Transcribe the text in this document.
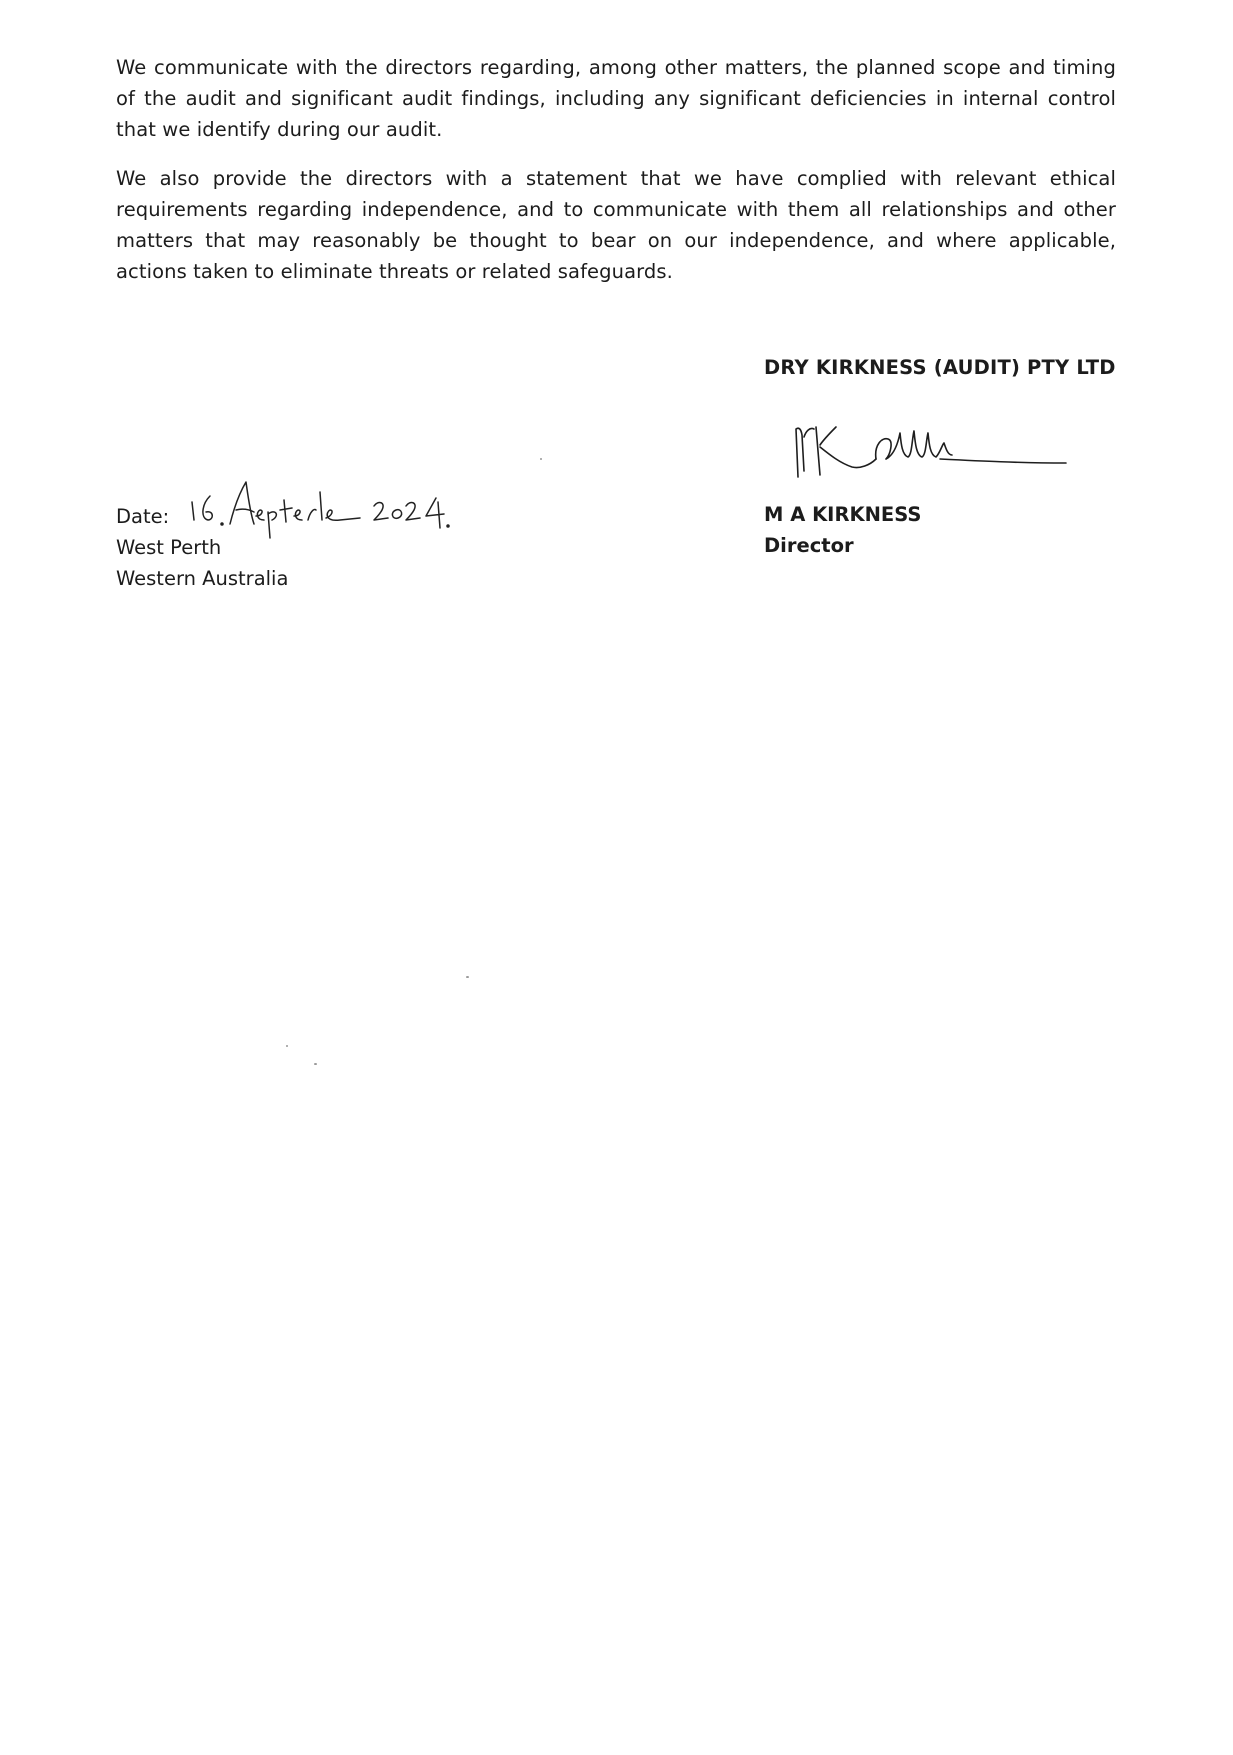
We communicate with the directors regarding, among other matters, the planned scope and timing of the audit and significant audit findings, including any significant deficiencies in internal control that we identify during our audit.

We also provide the directors with a statement that we have complied with relevant ethical requirements regarding independence, and to communicate with them all relationships and other matters that may reasonably be thought to bear on our independence, and where applicable, actions taken to eliminate threats or related safeguards.

DRY KIRKNESS (AUDIT) PTY LTD
M A KIRKNESS
Director
Date:
West Perth
Western Australia
